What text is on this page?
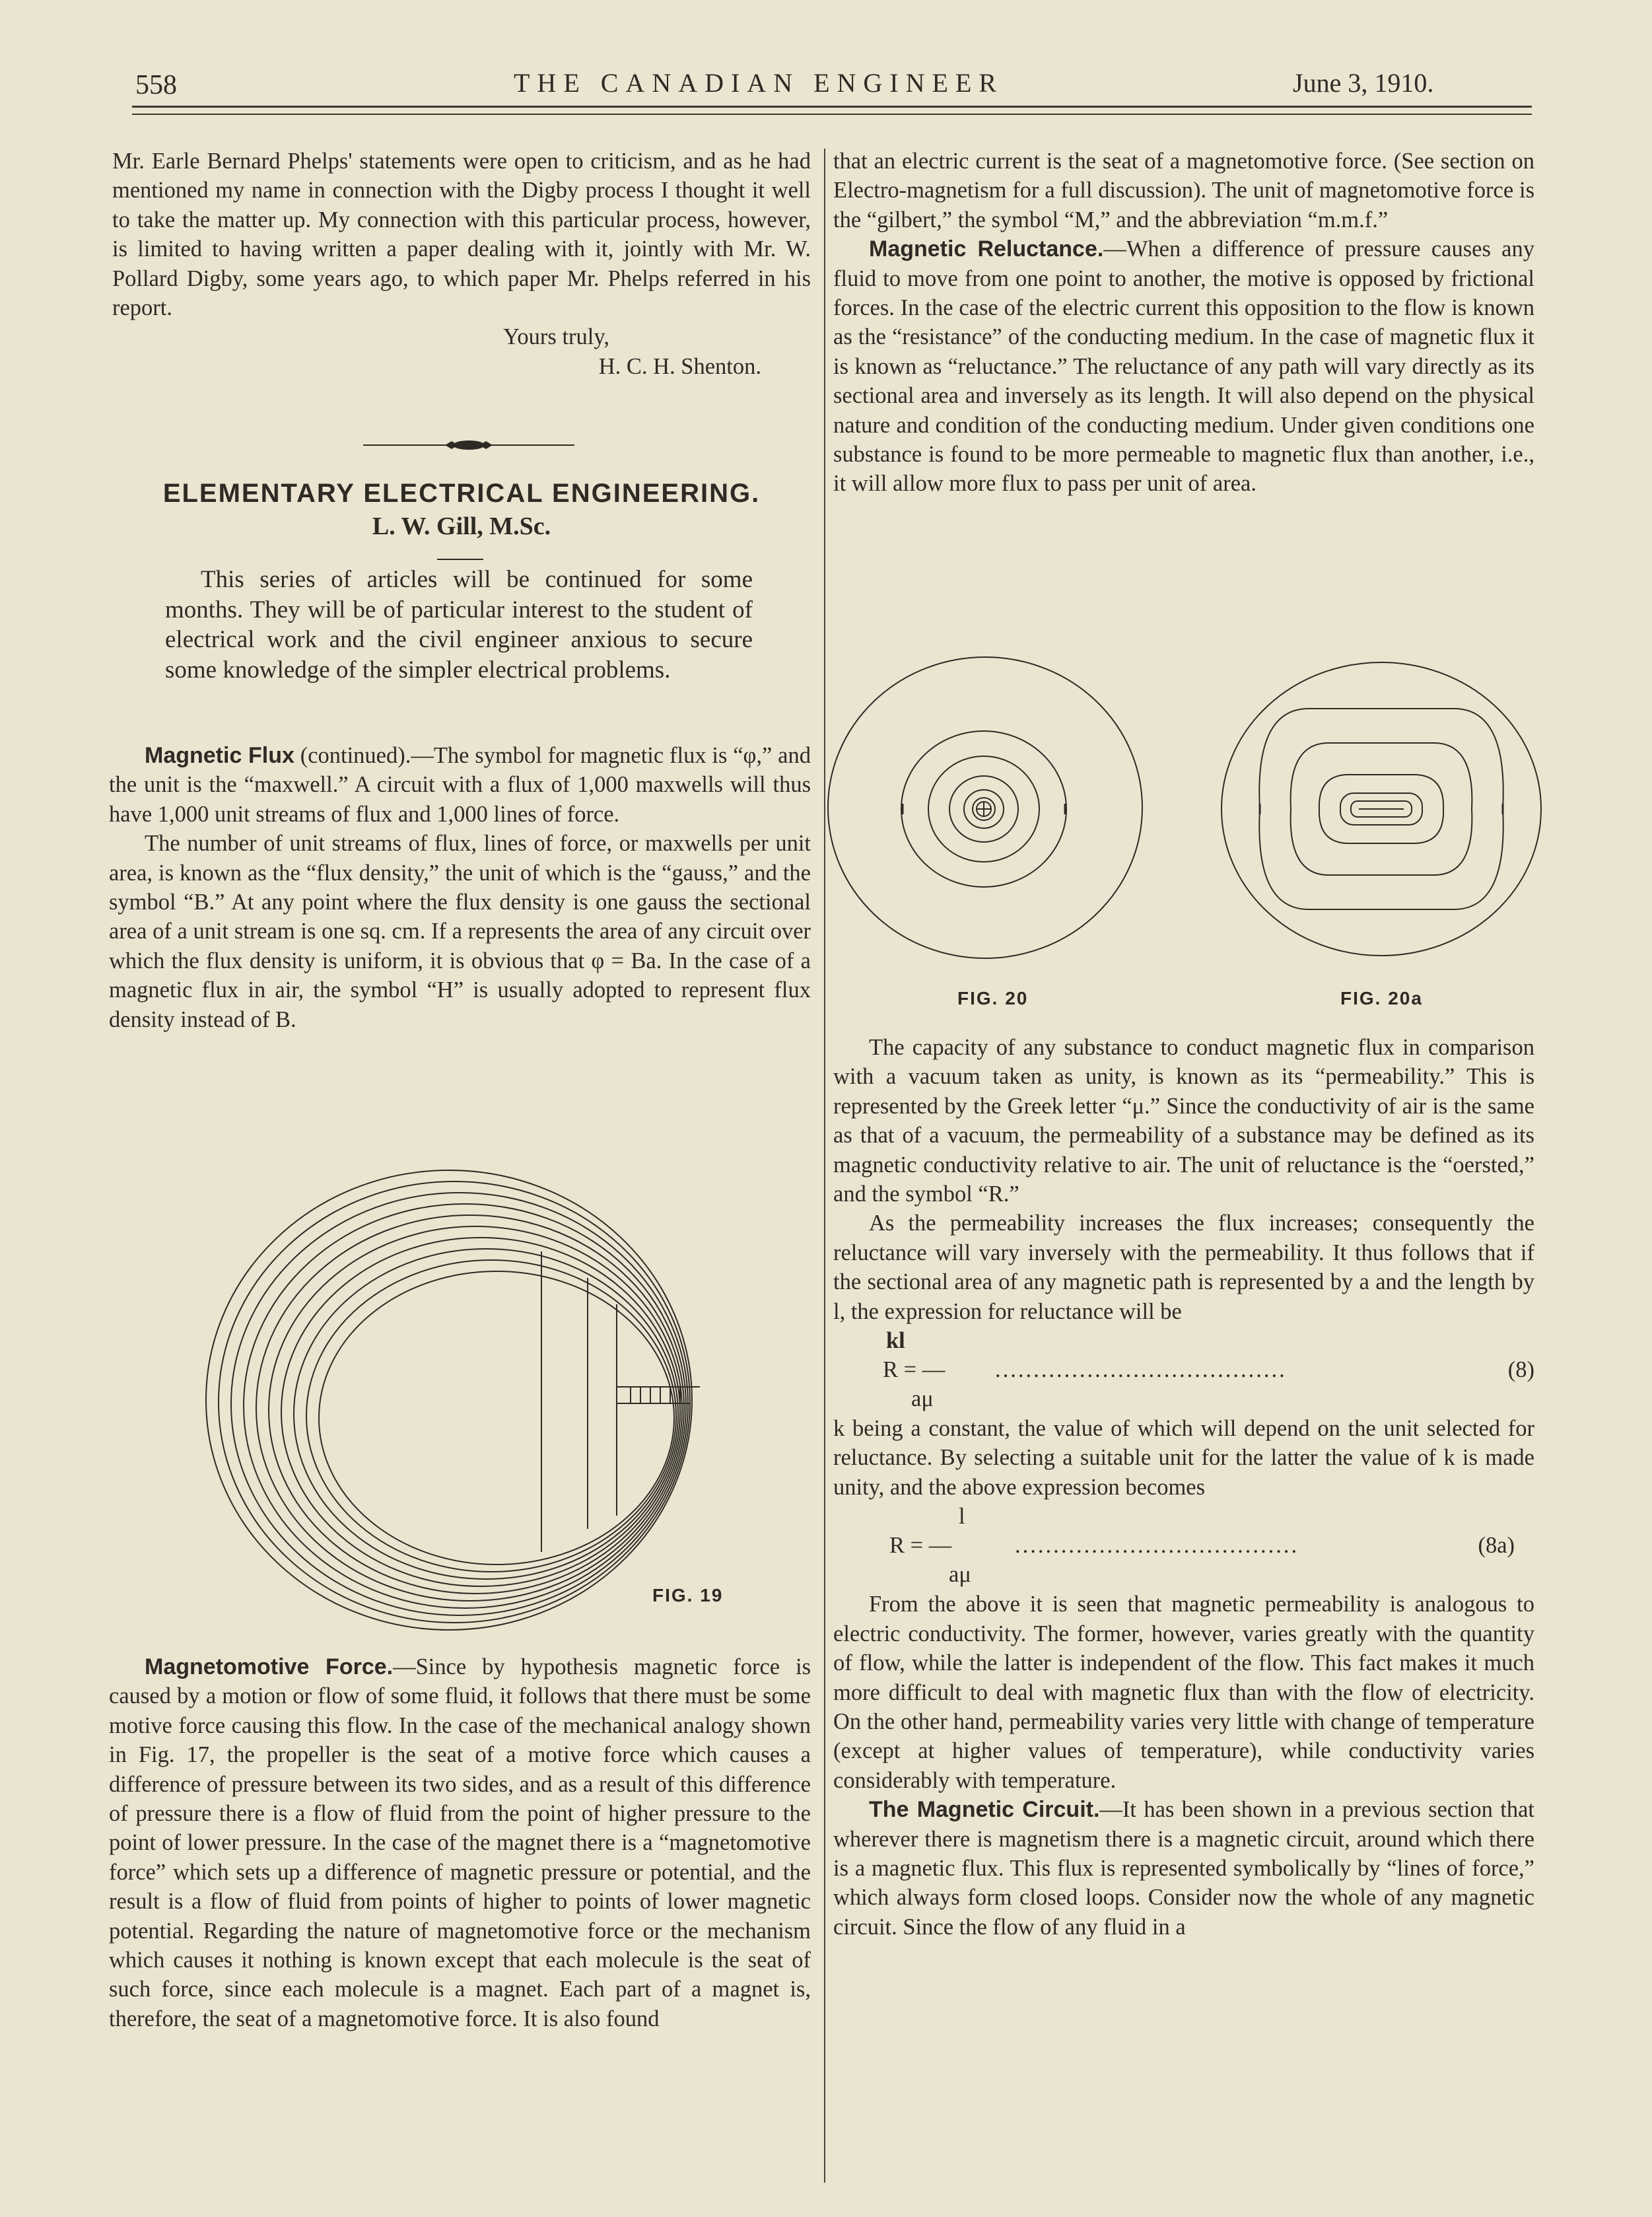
558	THE CANADIAN ENGINEER	June 3, 1910.

Mr. Earle Bernard Phelps' statements were open to criticism, and as he had mentioned my name in connection with the Digby process I thought it well to take the matter up. My connection with this particular process, however, is limited to having written a paper dealing with it, jointly with Mr. W. Pollard Digby, some years ago, to which paper Mr. Phelps referred in his report.

Yours truly,

H. C. H. Shenton.

ELEMENTARY ELECTRICAL ENGINEERING.
L. W. Gill, M.Sc.

This series of articles will be continued for some months. They will be of particular interest to the student of electrical work and the civil engineer anxious to secure some knowledge of the simpler electrical problems.

Magnetic Flux (continued).—The symbol for magnetic flux is “φ,” and the unit is the “maxwell.” A circuit with a flux of 1,000 maxwells will thus have 1,000 unit streams of flux and 1,000 lines of force.

The number of unit streams of flux, lines of force, or maxwells per unit area, is known as the “flux density,” the unit of which is the “gauss,” and the symbol “B.” At any point where the flux density is one gauss the sectional area of a unit stream is one sq. cm. If a represents the area of any circuit over which the flux density is uniform, it is obvious that φ = Ba. In the case of a magnetic flux in air, the symbol “H” is usually adopted to represent flux density instead of B.

FIG. 19

Magnetomotive Force.—Since by hypothesis magnetic force is caused by a motion or flow of some fluid, it follows that there must be some motive force causing this flow. In the case of the mechanical analogy shown in Fig. 17, the propeller is the seat of a motive force which causes a difference of pressure between its two sides, and as a result of this difference of pressure there is a flow of fluid from the point of higher pressure to the point of lower pressure. In the case of the magnet there is a “magnetomotive force” which sets up a difference of magnetic pressure or potential, and the result is a flow of fluid from points of higher to points of lower magnetic potential. Regarding the nature of magnetomotive force or the mechanism which causes it nothing is known except that each molecule is the seat of such force, since each molecule is a magnet. Each part of a magnet is, therefore, the seat of a magnetomotive force. It is also found

that an electric current is the seat of a magnetomotive force. (See section on Electro-magnetism for a full discussion). The unit of magnetomotive force is the “gilbert,” the symbol “M,” and the abbreviation “m.m.f.”

Magnetic Reluctance.—When a difference of pressure causes any fluid to move from one point to another, the motive is opposed by frictional forces. In the case of the electric current this opposition to the flow is known as the “resistance” of the conducting medium. In the case of magnetic flux it is known as “reluctance.” The reluctance of any path will vary directly as its sectional area and inversely as its length. It will also depend on the physical nature and condition of the conducting medium. Under given conditions one substance is found to be more permeable to magnetic flux than another, i.e., it will allow more flux to pass per unit of area.

FIG. 20	FIG. 20a

The capacity of any substance to conduct magnetic flux in comparison with a vacuum taken as unity, is known as its “permeability.” This is represented by the Greek letter “μ.” Since the conductivity of air is the same as that of a vacuum, the permeability of a substance may be defined as its magnetic conductivity relative to air. The unit of reluctance is the “oersted,” and the symbol “R.”

As the permeability increases the flux increases; consequently the reluctance will vary inversely with the permeability. It thus follows that if the sectional area of any magnetic path is represented by a and the length by l, the expression for reluctance will be

kl
R = — ......................................	(8)
aμ

k being a constant, the value of which will depend on the unit selected for reluctance. By selecting a suitable unit for the latter the value of k is made unity, and the above expression becomes

l
R = —	.....................................	(8a)
aμ

From the above it is seen that magnetic permeability is analogous to electric conductivity. The former, however, varies greatly with the quantity of flow, while the latter is independent of the flow. This fact makes it much more difficult to deal with magnetic flux than with the flow of electricity. On the other hand, permeability varies very little with change of temperature (except at higher values of temperature), while conductivity varies considerably with temperature.

The Magnetic Circuit.—It has been shown in a previous section that wherever there is magnetism there is a magnetic circuit, around which there is a magnetic flux. This flux is represented symbolically by “lines of force,” which always form closed loops. Consider now the whole of any magnetic circuit. Since the flow of any fluid in a
